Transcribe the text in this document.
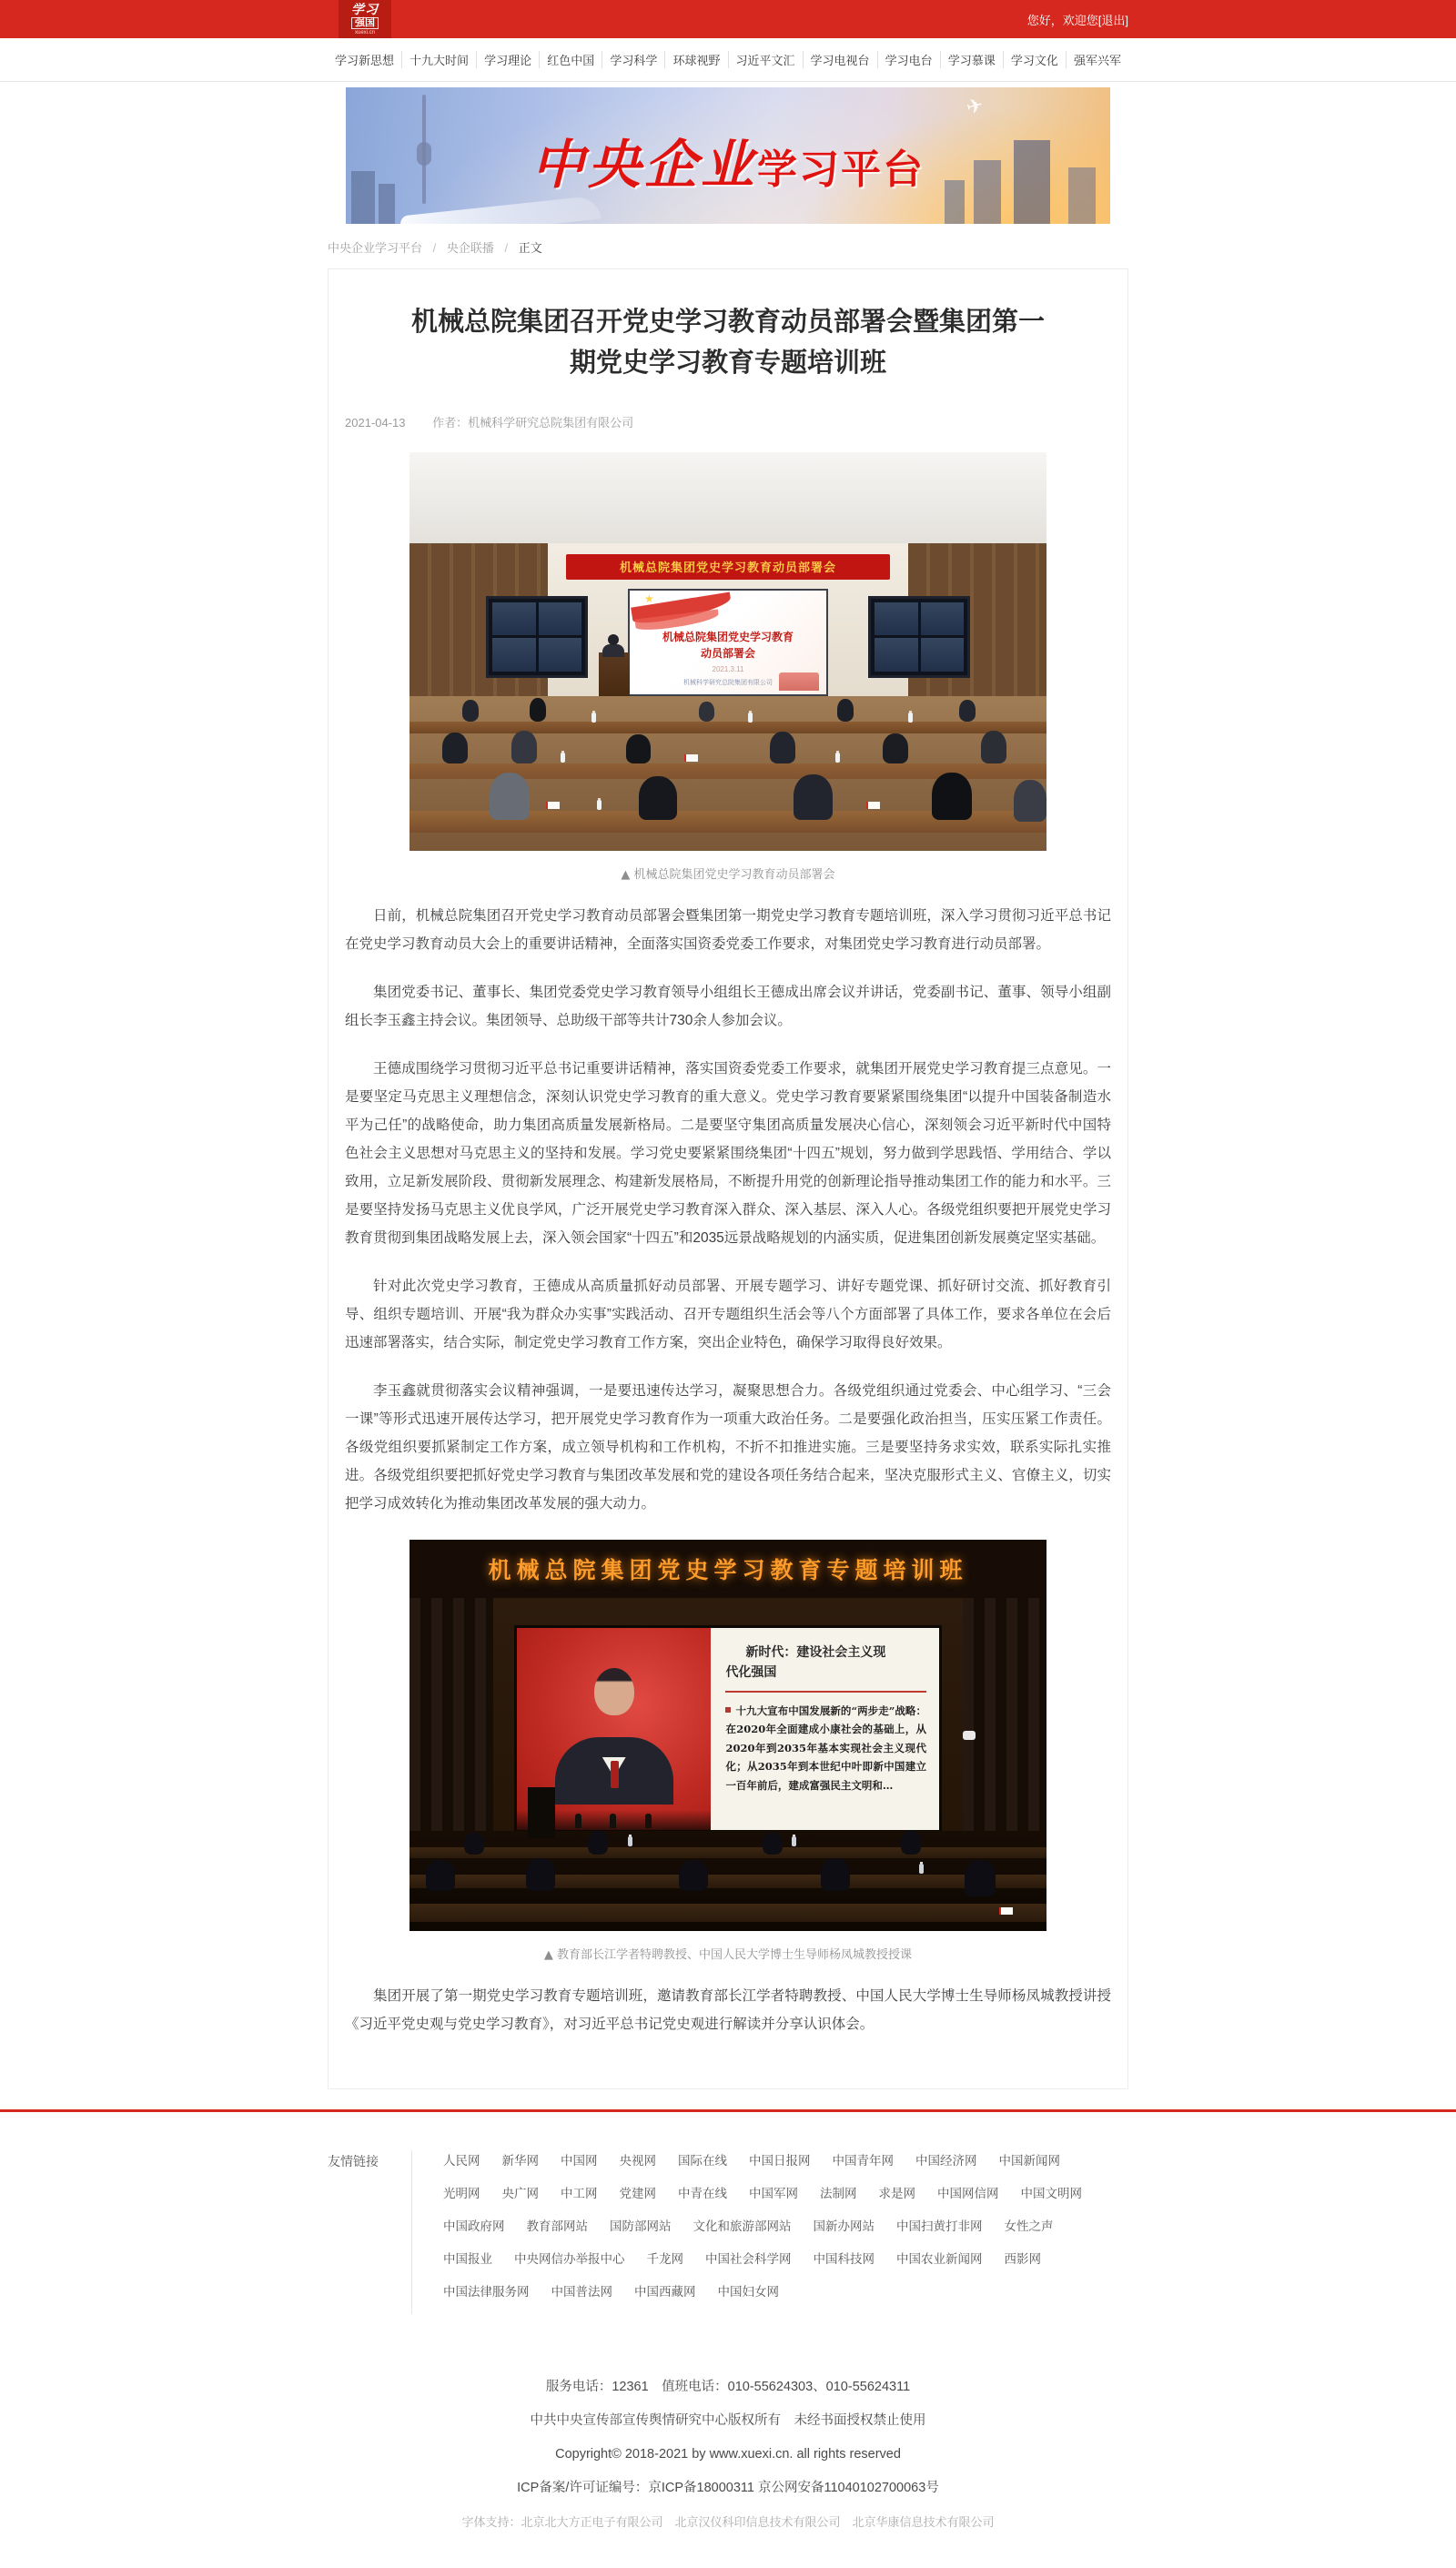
学习
强国
xuexi.cn
您好，欢迎您[退出]
学习新思想	十九大时间	学习理论	红色中国	学习科学	环球视野	习近平文汇	学习电视台	学习电台	学习慕课	学习文化	强军兴军
✈
中央企业学习平台
中央企业学习平台 / 央企联播 / 正文
机械总院集团召开党史学习教育动员部署会暨集团第一期党史学习教育专题培训班
2021-04-13 作者：机械科学研究总院集团有限公司
机械总院集团党史学习教育动员部署会
★
机械总院集团党史学习教育
动员部署会
2021.3.11
机械科学研究总院集团有限公司
▲ 机械总院集团党史学习教育动员部署会

日前，机械总院集团召开党史学习教育动员部署会暨集团第一期党史学习教育专题培训班，深入学习贯彻习近平总书记在党史学习教育动员大会上的重要讲话精神，全面落实国资委党委工作要求，对集团党史学习教育进行动员部署。

集团党委书记、董事长、集团党委党史学习教育领导小组组长王德成出席会议并讲话，党委副书记、董事、领导小组副组长李玉鑫主持会议。集团领导、总助级干部等共计730余人参加会议。

王德成围绕学习贯彻习近平总书记重要讲话精神，落实国资委党委工作要求，就集团开展党史学习教育提三点意见。一是要坚定马克思主义理想信念，深刻认识党史学习教育的重大意义。党史学习教育要紧紧围绕集团“以提升中国装备制造水平为己任”的战略使命，助力集团高质量发展新格局。二是要坚守集团高质量发展决心信心，深刻领会习近平新时代中国特色社会主义思想对马克思主义的坚持和发展。学习党史要紧紧围绕集团“十四五”规划，努力做到学思践悟、学用结合、学以致用，立足新发展阶段、贯彻新发展理念、构建新发展格局，不断提升用党的创新理论指导推动集团工作的能力和水平。三是要坚持发扬马克思主义优良学风，广泛开展党史学习教育深入群众、深入基层、深入人心。各级党组织要把开展党史学习教育贯彻到集团战略发展上去，深入领会国家“十四五”和2035远景战略规划的内涵实质，促进集团创新发展奠定坚实基础。

针对此次党史学习教育，王德成从高质量抓好动员部署、开展专题学习、讲好专题党课、抓好研讨交流、抓好教育引导、组织专题培训、开展“我为群众办实事”实践活动、召开专题组织生活会等八个方面部署了具体工作，要求各单位在会后迅速部署落实，结合实际，制定党史学习教育工作方案，突出企业特色，确保学习取得良好效果。

李玉鑫就贯彻落实会议精神强调，一是要迅速传达学习，凝聚思想合力。各级党组织通过党委会、中心组学习、“三会一课”等形式迅速开展传达学习，把开展党史学习教育作为一项重大政治任务。二是要强化政治担当，压实压紧工作责任。各级党组织要抓紧制定工作方案，成立领导机构和工作机构，不折不扣推进实施。三是要坚持务求实效，联系实际扎实推进。各级党组织要把抓好党史学习教育与集团改革发展和党的建设各项任务结合起来，坚决克服形式主义、官僚主义，切实把学习成效转化为推动集团改革发展的强大动力。

机械总院集团党史学习教育专题培训班
新时代：建设社会主义现
代化强国
十九大宣布中国发展新的“两步走”战略：在2020年全面建成小康社会的基础上，从2020年到2035年基本实现社会主义现代化；从2035年到本世纪中叶即新中国建立一百年前后，建成富强民主文明和…
▲ 教育部长江学者特聘教授、中国人民大学博士生导师杨凤城教授授课

集团开展了第一期党史学习教育专题培训班，邀请教育部长江学者特聘教授、中国人民大学博士生导师杨凤城教授讲授《习近平党史观与党史学习教育》，对习近平总书记党史观进行解读并分享认识体会。

友情链接	人民网 新华网 中国网 央视网 国际在线 中国日报网 中国青年网 中国经济网 中国新闻网
光明网 央广网 中工网 党建网 中青在线 中国军网 法制网 求是网 中国网信网 中国文明网
中国政府网 教育部网站 国防部网站 文化和旅游部网站 国新办网站 中国扫黄打非网 女性之声
中国报业 中央网信办举报中心 千龙网 中国社会科学网 中国科技网 中国农业新闻网 西影网
中国法律服务网 中国普法网 中国西藏网 中国妇女网
服务电话：12361　值班电话：010-55624303、010-55624311
中共中央宣传部宣传舆情研究中心版权所有　未经书面授权禁止使用
Copyright© 2018-2021 by www.xuexi.cn. all rights reserved
ICP备案/许可证编号：京ICP备18000311 京公网安备11040102700063号
字体支持：北京北大方正电子有限公司　北京汉仪科印信息技术有限公司　北京华康信息技术有限公司
